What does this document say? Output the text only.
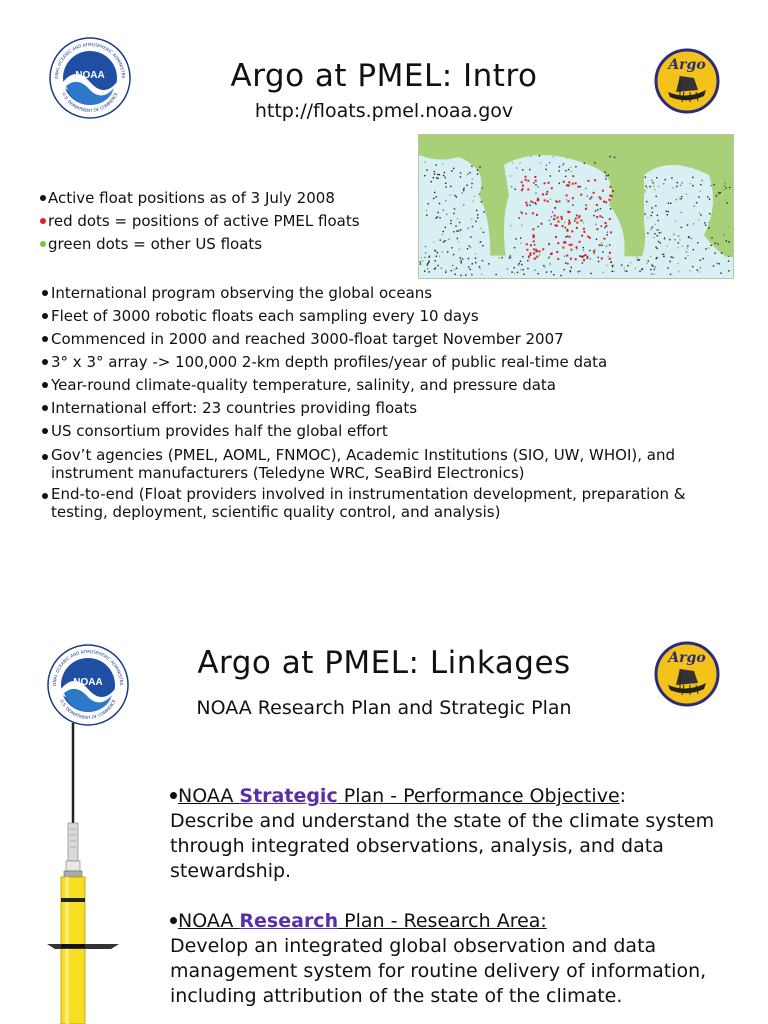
NOAA
ONAL OCEANIC AND ATMOSPHERIC ADMINISTRA
U.S. DEPARTMENT OF COMMERCE	Argo at PMEL: Intro
http://floats.pmel.noaa.gov
Argo
Active float positions as of 3 July 2008
red dots = positions of active PMEL floats
green dots = other US floats
International program observing the global oceans
Fleet of 3000 robotic floats each sampling every 10 days
Commenced in 2000 and reached 3000-float target November 2007
3° x 3° array -> 100,000 2-km depth profiles/year of public real-time data
Year-round climate-quality temperature, salinity, and pressure data
International effort: 23 countries providing floats
US consortium provides half the global effort
Gov’t agencies (PMEL, AOML, FNMOC), Academic Institutions (SIO, UW, WHOI), and
instrument manufacturers (Teledyne WRC, SeaBird Electronics)
End-to-end (Float providers involved in instrumentation development, preparation &
testing, deployment, scientific quality control, and analysis)
NOAA
ONAL OCEANIC AND ATMOSPHERIC ADMINISTRA
U.S. DEPARTMENT OF COMMERCE
Argo at PMEL: Linkages
NOAA Research Plan and Strategic Plan
Argo
NOAA Strategic Plan - Performance Objective:
Describe and understand the state of the climate system through integrated observations, analysis, and data stewardship.
NOAA Research Plan - Research Area:
Develop an integrated global observation and data management system for routine delivery of information, including attribution of the state of the climate.
